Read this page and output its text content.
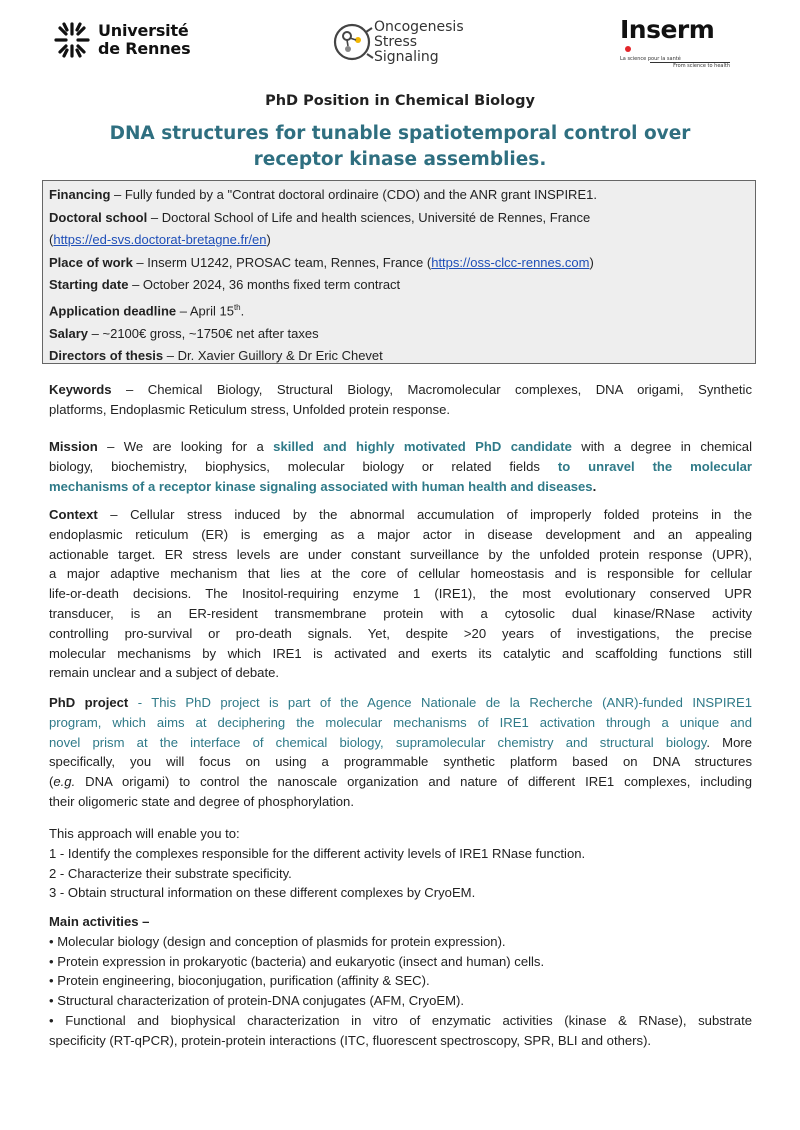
Université
de Rennes
Oncogenesis
Stress
Signaling
Inserm
La science pour la santé
From science to health
PhD Position in Chemical Biology
DNA structures for tunable spatiotemporal control over
receptor kinase assemblies.
Financing – Fully funded by a "Contrat doctoral ordinaire (CDO) and the ANR grant INSPIRE1.
Doctoral school – Doctoral School of Life and health sciences, Université de Rennes, France
(https://ed-svs.doctorat-bretagne.fr/en)
Place of work – Inserm U1242, PROSAC team, Rennes, France (https://oss-clcc-rennes.com)
Starting date – October 2024, 36 months fixed term contract
Application deadline – April 15th.
Salary – ~2100€ gross, ~1750€ net after taxes
Directors of thesis – Dr. Xavier Guillory & Dr Eric Chevet
Keywords – Chemical Biology, Structural Biology, Macromolecular complexes, DNA origami, Synthetic
platforms, Endoplasmic Reticulum stress, Unfolded protein response.
Mission – We are looking for a skilled and highly motivated PhD candidate with a degree in chemical
biology, biochemistry, biophysics, molecular biology or related fields to unravel the molecular
mechanisms of a receptor kinase signaling associated with human health and diseases.
Context – Cellular stress induced by the abnormal accumulation of improperly folded proteins in the
endoplasmic reticulum (ER) is emerging as a major actor in disease development and an appealing
actionable target. ER stress levels are under constant surveillance by the unfolded protein response (UPR),
a major adaptive mechanism that lies at the core of cellular homeostasis and is responsible for cellular
life-or-death decisions. The Inositol-requiring enzyme 1 (IRE1), the most evolutionary conserved UPR
transducer, is an ER-resident transmembrane protein with a cytosolic dual kinase/RNase activity
controlling pro-survival or pro-death signals. Yet, despite >20 years of investigations, the precise
molecular mechanisms by which IRE1 is activated and exerts its catalytic and scaffolding functions still
remain unclear and a subject of debate.
PhD project - This PhD project is part of the Agence Nationale de la Recherche (ANR)-funded INSPIRE1
program, which aims at deciphering the molecular mechanisms of IRE1 activation through a unique and
novel prism at the interface of chemical biology, supramolecular chemistry and structural biology. More
specifically, you will focus on using a programmable synthetic platform based on DNA structures
(e.g. DNA origami) to control the nanoscale organization and nature of different IRE1 complexes, including
their oligomeric state and degree of phosphorylation.
This approach will enable you to:
1 - Identify the complexes responsible for the different activity levels of IRE1 RNase function.
2 - Characterize their substrate specificity.
3 - Obtain structural information on these different complexes by CryoEM.
Main activities –
• Molecular biology (design and conception of plasmids for protein expression).
• Protein expression in prokaryotic (bacteria) and eukaryotic (insect and human) cells.
• Protein engineering, bioconjugation, purification (affinity & SEC).
• Structural characterization of protein-DNA conjugates (AFM, CryoEM).
• Functional and biophysical characterization in vitro of enzymatic activities (kinase & RNase), substrate
specificity (RT-qPCR), protein-protein interactions (ITC, fluorescent spectroscopy, SPR, BLI and others).
